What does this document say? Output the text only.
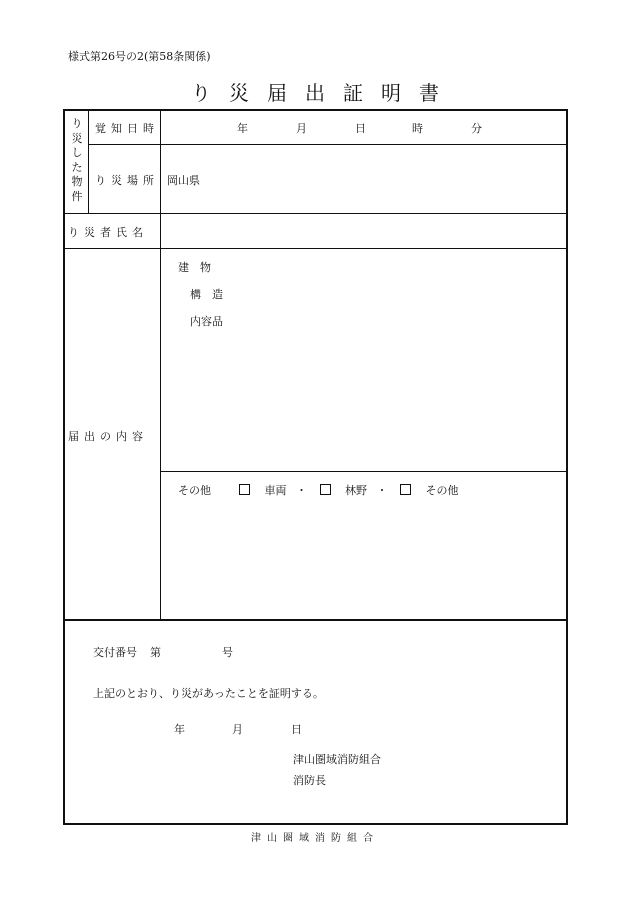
様式第26号の2(第58条関係)
り災届出証明書
り
災
し
た
物
件
覚知日時	年	月	日	時	分
り災場所 岡山県
り災者氏名
届出の内容
建　物
構　造
内容品
その他	車両 ・	林野 ・	その他
交付番号 第	号
上記のとおり、り災があったことを証明する。
年	月	日
津山圏域消防組合
消防長
津山圏域消防組合
